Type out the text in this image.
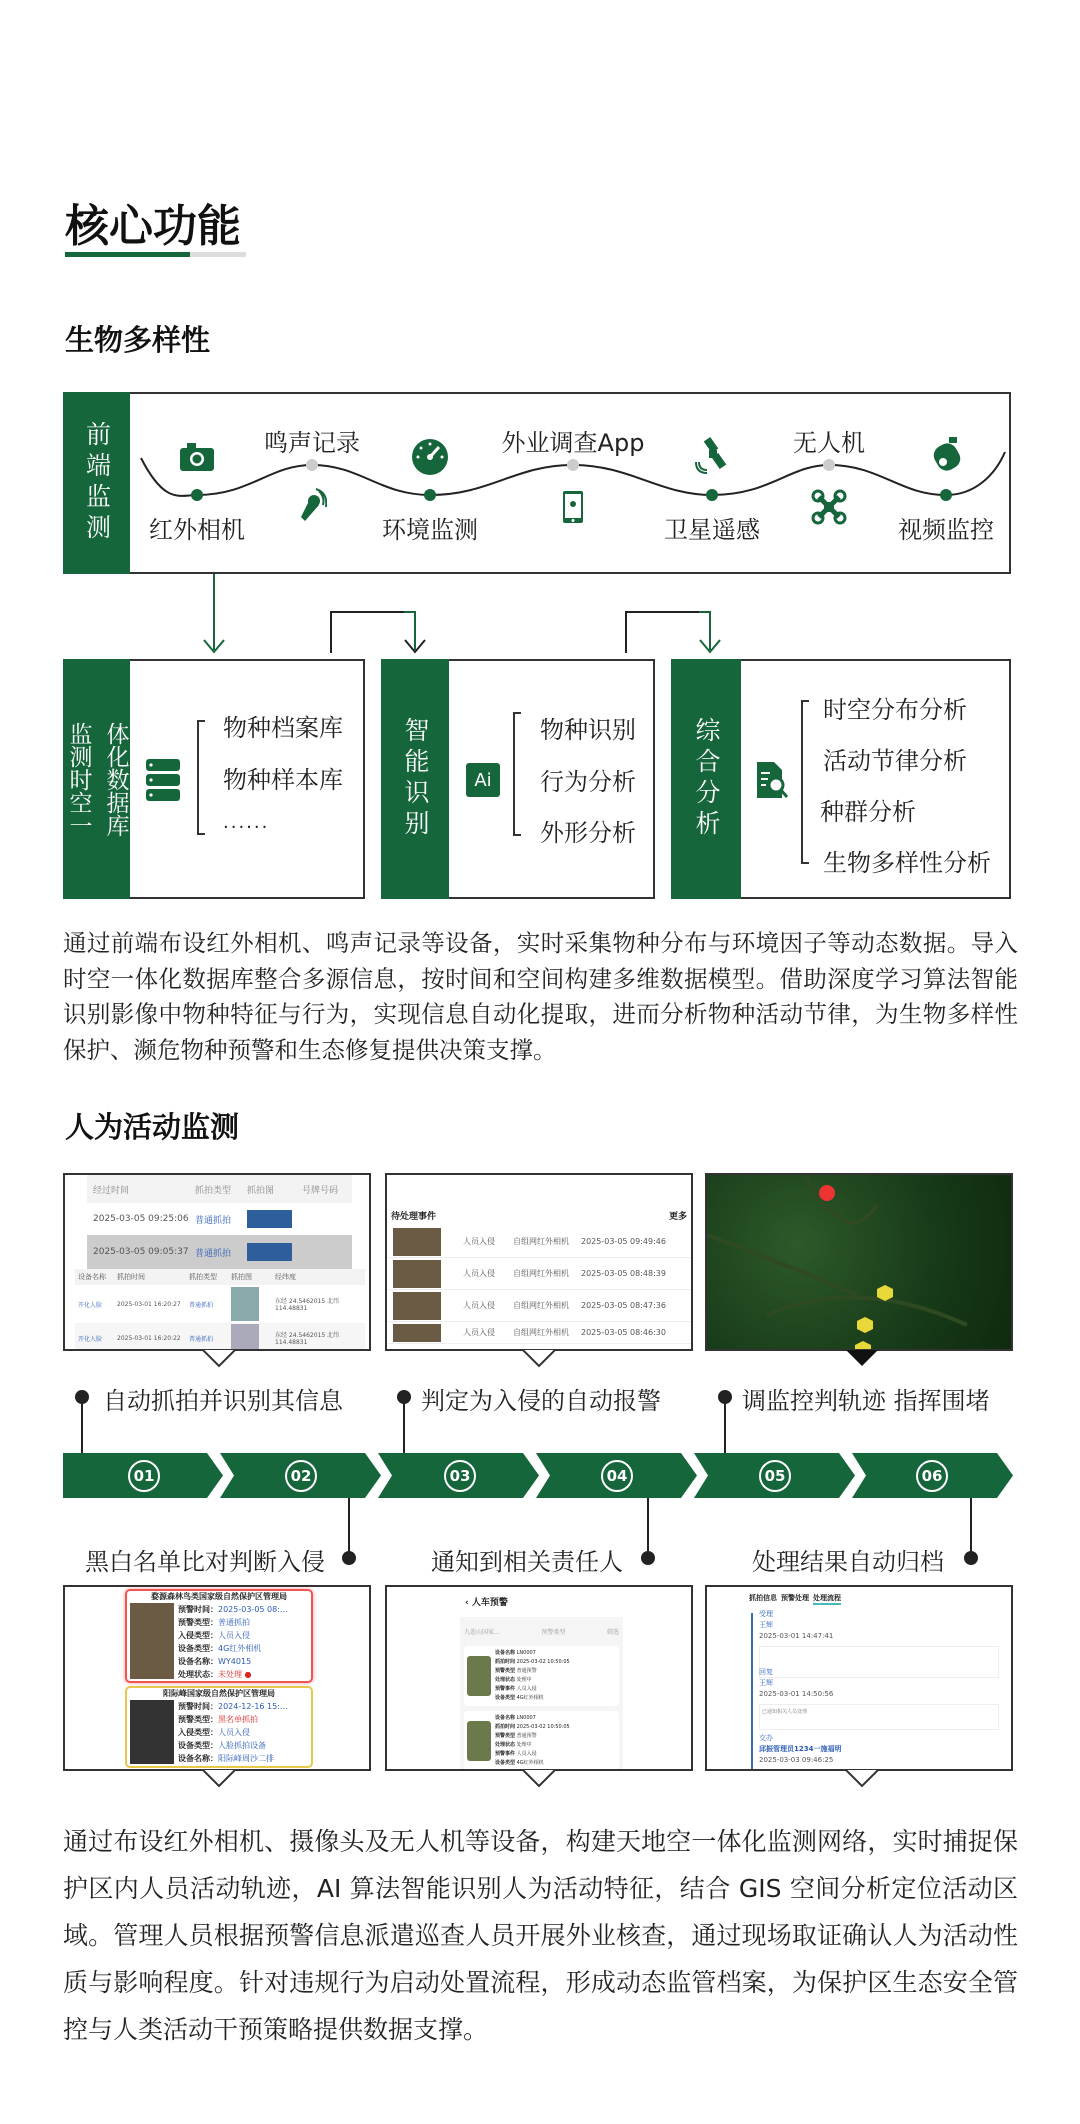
核心功能
生物多样性
前端监测 红外相机
鸣声记录
环境监测
外业调查App
卫星遥感
无人机
视频监控
监测时空一 体化数据库	物种档案库
物种样本库
......	智能识别	Ai
物种识别
行为分析
外形分析 综合分析
时空分布分析
活动节律分析
种群分析
生物多样性分析

通过前端布设红外相机、鸣声记录等设备，实时采集物种分布与环境因子等动态数据。导入时空一体化数据库整合多源信息，按时间和空间构建多维数据模型。借助深度学习算法智能识别影像中物种特征与行为，实现信息自动化提取，进而分析物种活动节律，为生物多样性保护、濒危物种预警和生态修复提供决策支撑。

人为活动监测
经过时间	抓拍类型	抓拍图	号牌号码
2025-03-05 09:25:06 普通抓拍
2025-03-05 09:05:37 普通抓拍
设备名称	抓拍时间	抓拍类型	抓拍图	经纬度
开化人脸	2025-03-01 16:20:27	普通抓拍	东经 24.5462015 北纬 114.48831
开化人脸	2025-03-01 16:20:22	普通抓拍	东经 24.5462015 北纬 114.48831
待处理事件	更多
人员入侵	自组网红外相机	2025-03-05 09:49:46
人员入侵	自组网红外相机	2025-03-05 08:48:39
人员入侵	自组网红外相机	2025-03-05 08:47:36
人员入侵	自组网红外相机	2025-03-05 08:46:30
自动抓拍并识别其信息	判定为入侵的自动报警	调监控判轨迹 指挥围堵
01	02	03	04	05	06
黑白名单比对判断入侵	通知到相关责任人	处理结果自动归档
婺源森林鸟类国家级自然保护区管理局
预警时间：2025-03-05 08:...
预警类型：普通抓拍
入侵类型：人员入侵
设备类型：4G红外相机
设备名称：WY4015
处理状态：未处理 ●
阳际峰国家级自然保护区管理局
预警时间：2024-12-16 15:...
预警类型：黑名单抓拍
入侵类型：人员入侵
设备类型：人脸抓拍设备
设备名称：阳际峰周沙二排
‹ 人车预警
九连山国家...	预警类型	筛选
设备名称 LN0007
抓拍时间 2025-03-02 10:50:05
预警类型 普通预警
处理状态 处理中
预警事件 人员入侵
设备类型 4G红外相机
设备名称 LN0007
抓拍时间 2025-03-02 10:50:05
预警类型 普通预警
处理状态 处理中
预警事件 人员入侵
设备类型 4G红外相机
抓拍信息 预警处理 处理流程
受理
王辉
2025-03-01 14:47:41
回复
王辉
2025-03-01 14:50:56
已通知相关人员处理
交办
邱振管理员1234一施福明
2025-03-03 09:46:25

通过布设红外相机、摄像头及无人机等设备，构建天地空一体化监测网络，实时捕捉保护区内人员活动轨迹，AI 算法智能识别人为活动特征，结合 GIS 空间分析定位活动区域。管理人员根据预警信息派遣巡查人员开展外业核查，通过现场取证确认人为活动性质与影响程度。针对违规行为启动处置流程，形成动态监管档案，为保护区生态安全管控与人类活动干预策略提供数据支撑。
